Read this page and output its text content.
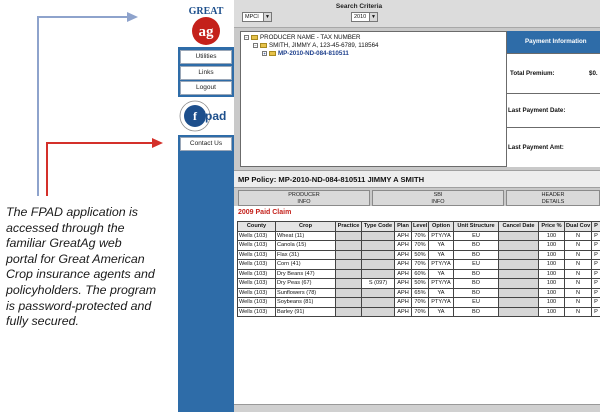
The FPAD application is
accessed through the
familiar GreatAg web
portal for Great American
Crop insurance agents and
policyholders. The program
is password-protected and
fully secured.
GREAT
ag
Utilities
Links
Logout
f fpad
Contact Us
Search Criteria
MPCI	▼	2010 ▼
− PRODUCER NAME - TAX NUMBER
− SMITH, JIMMY A, 123-45-6789, 118564
+ MP-2010-ND-084-810511
Payment Information
Total Premium:	$0.
Last Payment Date:
Last Payment Amt:
MP Policy: MP-2010-ND-084-810511 JIMMY A SMITH
PRODUCER
INFO
SBI
INFO
HEADER
DETAILS
2009 Paid Claim
County	Crop	Practice	Type Code	Plan	Level	Option	Unit Structure	Cancel Date	Price %	Dual Cov	P
Wells (103)	Wheat (11)			APH	70%	PTY/YA	EU		100	N	P
Wells (103)	Canola (15)			APH	70%	YA	BO		100	N	P
Wells (103)	Flax (31)			APH	50%	YA	BO		100	N	P
Wells (103)	Corn (41)			APH	70%	PTY/YA	EU		100	N	P
Wells (103)	Dry Beans (47)			APH	60%	YA	BO		100	N	P
Wells (103)	Dry Peas (67)		S (097)	APH	50%	PTY/YA	BO		100	N	P
Wells (103)	Sunflowers (78)			APH	65%	YA	BO		100	N	P
Wells (103)	Soybeans (81)			APH	70%	PTY/YA	EU		100	N	P
Wells (103)	Barley (91)			APH	70%	YA	BO		100	N	P
